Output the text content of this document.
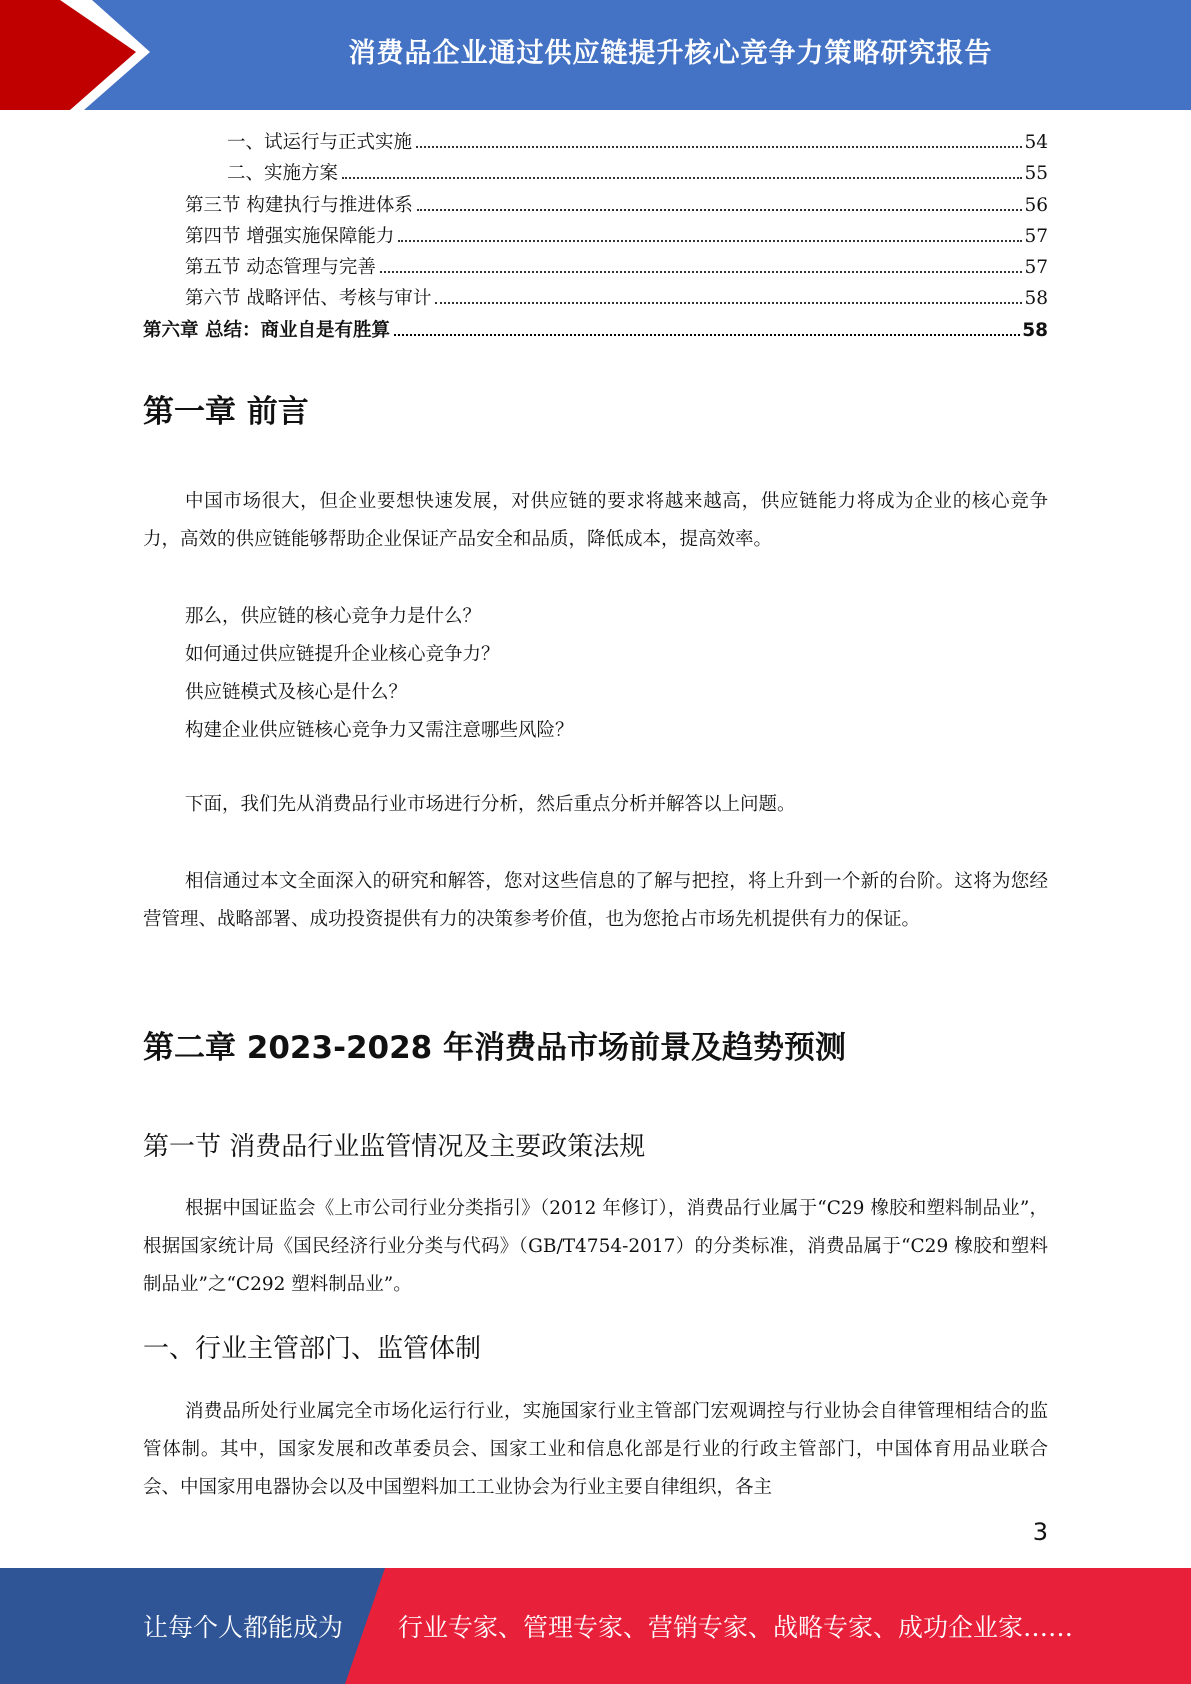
消费品企业通过供应链提升核心竞争力策略研究报告
一、试运行与正式实施	54
二、实施方案	55
第三节 构建执行与推进体系	56
第四节 增强实施保障能力	57
第五节 动态管理与完善	57
第六节 战略评估、考核与审计	58
第六章 总结：商业自是有胜算	58
第一章 前言
中国市场很大，但企业要想快速发展，对供应链的要求将越来越高，供应链能力将成为企业的核心竞争力，高效的供应链能够帮助企业保证产品安全和品质，降低成本，提高效率。
那么，供应链的核心竞争力是什么？
如何通过供应链提升企业核心竞争力？
供应链模式及核心是什么？
构建企业供应链核心竞争力又需注意哪些风险？
下面，我们先从消费品行业市场进行分析，然后重点分析并解答以上问题。
相信通过本文全面深入的研究和解答，您对这些信息的了解与把控，将上升到一个新的台阶。这将为您经营管理、战略部署、成功投资提供有力的决策参考价值，也为您抢占市场先机提供有力的保证。
第二章 2023-2028 年消费品市场前景及趋势预测
第一节 消费品行业监管情况及主要政策法规
根据中国证监会《上市公司行业分类指引》（2012 年修订），消费品行业属于“C29 橡胶和塑料制品业”，根据国家统计局《国民经济行业分类与代码》（GB/T4754-2017）的分类标准，消费品属于“C29 橡胶和塑料制品业”之“C292 塑料制品业”。
一、行业主管部门、监管体制
消费品所处行业属完全市场化运行行业，实施国家行业主管部门宏观调控与行业协会自律管理相结合的监管体制。其中，国家发展和改革委员会、国家工业和信息化部是行业的行政主管部门，中国体育用品业联合会、中国家用电器协会以及中国塑料加工工业协会为行业主要自律组织，各主
3
让每个人都能成为 行业专家、管理专家、营销专家、战略专家、成功企业家……
